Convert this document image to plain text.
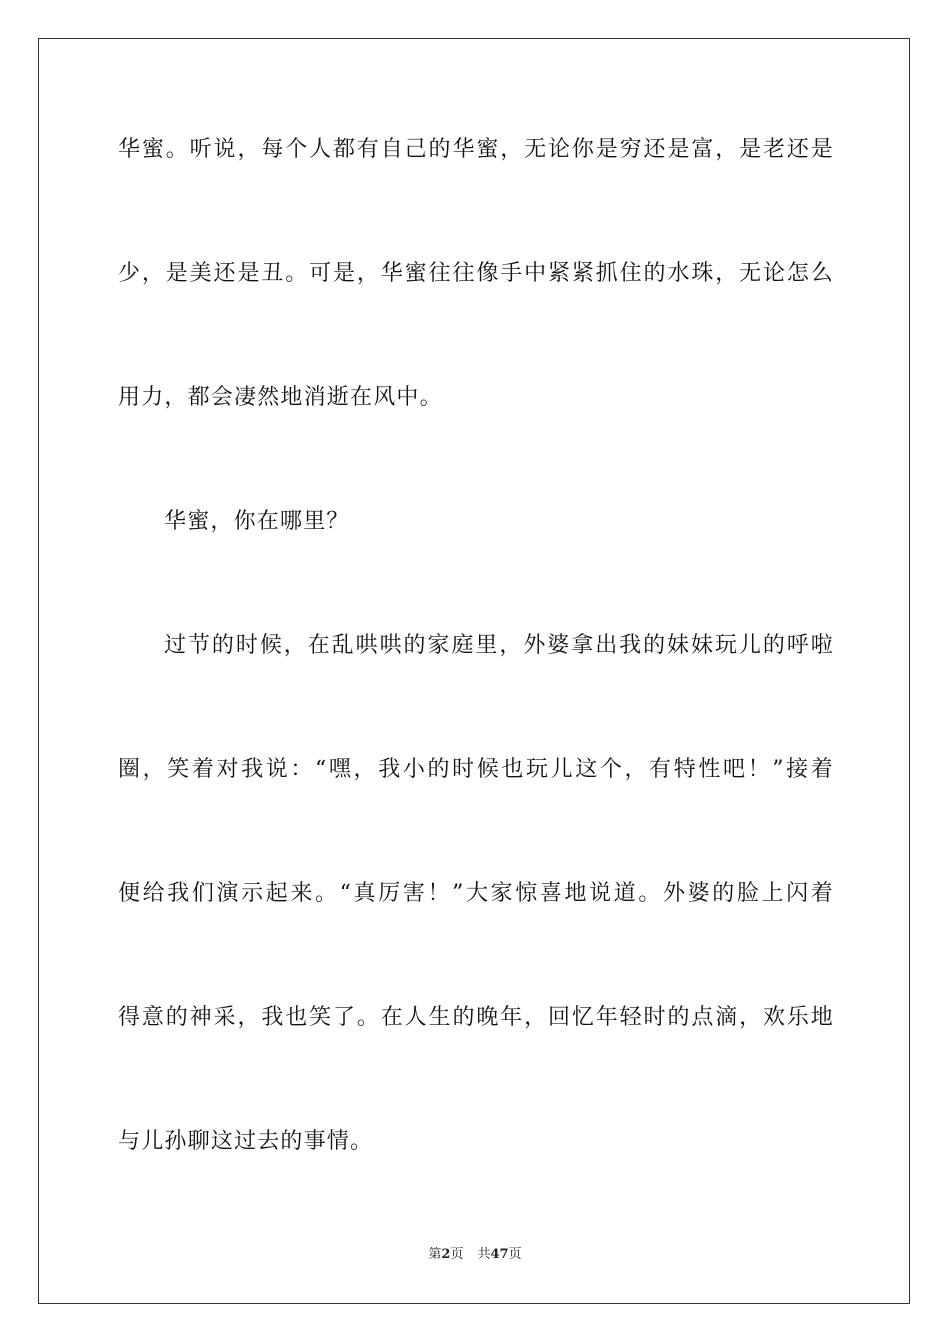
华蜜。听说，每个人都有自己的华蜜，无论你是穷还是富，是老还是
少，是美还是丑。可是，华蜜往往像手中紧紧抓住的水珠，无论怎么
用力，都会凄然地消逝在风中。
华蜜，你在哪里？
过节的时候，在乱哄哄的家庭里，外婆拿出我的妹妹玩儿的呼啦
圈，笑着对我说：“嘿，我小的时候也玩儿这个，有特性吧！”接着
便给我们演示起来。“真厉害！”大家惊喜地说道。外婆的脸上闪着
得意的神采，我也笑了。在人生的晚年，回忆年轻时的点滴，欢乐地
与儿孙聊这过去的事情。
第2页 共47页
